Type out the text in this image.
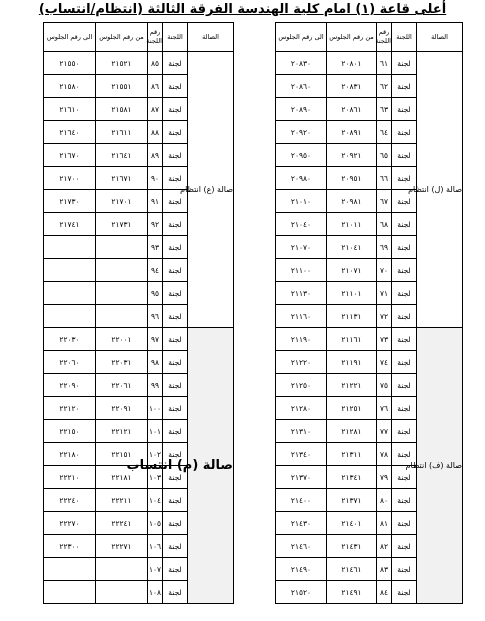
أعلى قاعة (١) امام كلية الهندسة الفرقة الثالثة (انتظام/انتساب)
الصالة	اللجنة	رقم اللجنة	من رقم الجلوس	الى رقم الجلوس
صالة (ل) انتظام	لجنة	٦١	٢٠٨٠١	٢٠٨٣٠
	لجنة	٦٢	٢٠٨٣١	٢٠٨٦٠
	لجنة	٦٣	٢٠٨٦١	٢٠٨٩٠
	لجنة	٦٤	٢٠٨٩١	٢٠٩٢٠
	لجنة	٦٥	٢٠٩٢١	٢٠٩٥٠
	لجنة	٦٦	٢٠٩٥١	٢٠٩٨٠
	لجنة	٦٧	٢٠٩٨١	٢١٠١٠
	لجنة	٦٨	٢١٠١١	٢١٠٤٠
	لجنة	٦٩	٢١٠٤١	٢١٠٧٠
	لجنة	٧٠	٢١٠٧١	٢١١٠٠
	لجنة	٧١	٢١١٠١	٢١١٣٠
	لجنة	٧٢	٢١١٣١	٢١١٦٠
صالة (ف) انتظام	لجنة	٧٣	٢١١٦١	٢١١٩٠
	لجنة	٧٤	٢١١٩١	٢١٢٢٠
	لجنة	٧٥	٢١٢٢١	٢١٢٥٠
	لجنة	٧٦	٢١٢٥١	٢١٢٨٠
	لجنة	٧٧	٢١٢٨١	٢١٣١٠
	لجنة	٧٨	٢١٣١١	٢١٣٤٠
	لجنة	٧٩	٢١٣٤١	٢١٣٧٠
	لجنة	٨٠	٢١٣٧١	٢١٤٠٠
	لجنة	٨١	٢١٤٠١	٢١٤٣٠
	لجنة	٨٢	٢١٤٣١	٢١٤٦٠
	لجنة	٨٣	٢١٤٦١	٢١٤٩٠
	لجنة	٨٤	٢١٤٩١	٢١٥٢٠
الصالة	اللجنة	رقم اللجنة	من رقم الجلوس	الى رقم الجلوس
صالة (ع) انتظام	لجنة	٨٥	٢١٥٢١	٢١٥٥٠
	لجنة	٨٦	٢١٥٥١	٢١٥٨٠
	لجنة	٨٧	٢١٥٨١	٢١٦١٠
	لجنة	٨٨	٢١٦١١	٢١٦٤٠
	لجنة	٨٩	٢١٦٤١	٢١٦٧٠
	لجنة	٩٠	٢١٦٧١	٢١٧٠٠
	لجنة	٩١	٢١٧٠١	٢١٧٣٠
	لجنة	٩٢	٢١٧٣١	٢١٧٤١
	لجنة	٩٣		
	لجنة	٩٤		
	لجنة	٩٥		
	لجنة	٩٦		
صالة (م) انتساب	لجنة	٩٧	٢٢٠٠١	٢٢٠٣٠
	لجنة	٩٨	٢٢٠٣١	٢٢٠٦٠
	لجنة	٩٩	٢٢٠٦١	٢٢٠٩٠
	لجنة	١٠٠	٢٢٠٩١	٢٢١٢٠
	لجنة	١٠١	٢٢١٢١	٢٢١٥٠
	لجنة	١٠٢	٢٢١٥١	٢٢١٨٠
	لجنة	١٠٣	٢٢١٨١	٢٢٢١٠
	لجنة	١٠٤	٢٢٢١١	٢٢٢٤٠
	لجنة	١٠٥	٢٢٢٤١	٢٢٢٧٠
	لجنة	١٠٦	٢٢٢٧١	٢٢٣٠٠
	لجنة	١٠٧		
	لجنة	١٠٨		
